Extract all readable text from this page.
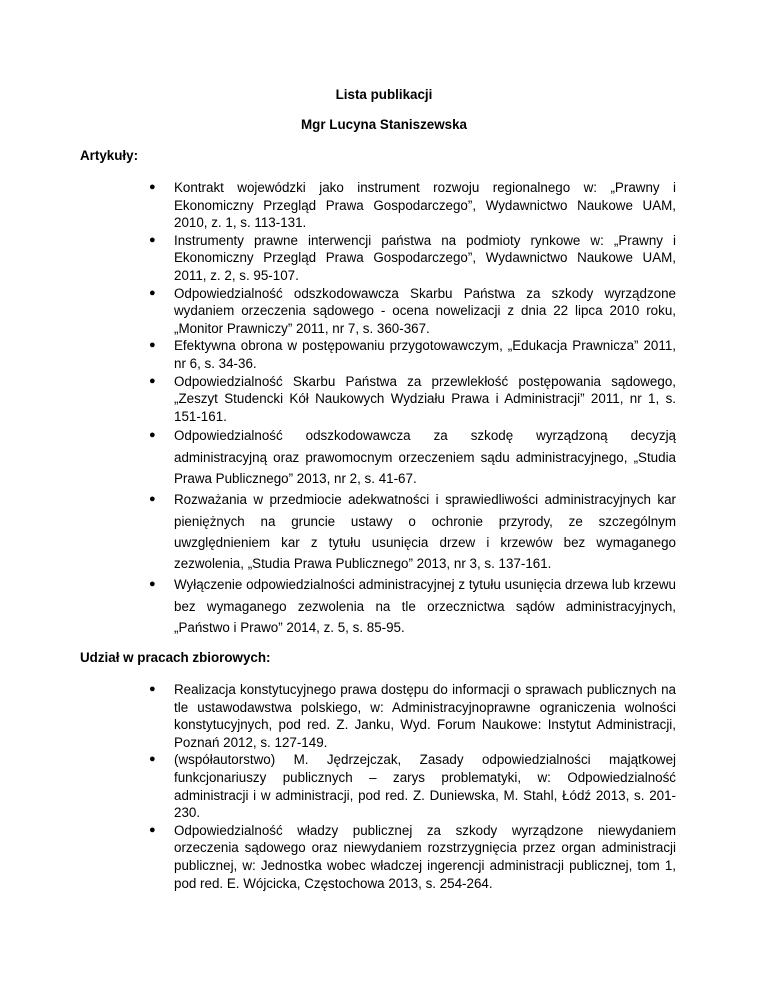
Lista publikacji
Mgr Lucyna Staniszewska
Artykuły:
● Kontrakt wojewódzki jako instrument rozwoju regionalnego w: „Prawny i Ekonomiczny Przegląd Prawa Gospodarczego”, Wydawnictwo Naukowe UAM, 2010, z. 1, s. 113-131.
● Instrumenty prawne interwencji państwa na podmioty rynkowe w: „Prawny i Ekonomiczny Przegląd Prawa Gospodarczego”, Wydawnictwo Naukowe UAM, 2011, z. 2, s. 95-107.
● Odpowiedzialność odszkodowawcza Skarbu Państwa za szkody wyrządzone wydaniem orzeczenia sądowego - ocena nowelizacji z dnia 22 lipca 2010 roku, „Monitor Prawniczy” 2011, nr 7, s. 360-367.
● Efektywna obrona w postępowaniu przygotowawczym, „Edukacja Prawnicza” 2011, nr 6, s. 34-36.
● Odpowiedzialność Skarbu Państwa za przewlekłość postępowania sądowego, „Zeszyt Studencki Kół Naukowych Wydziału Prawa i Administracji” 2011, nr 1, s. 151-161.
● Odpowiedzialność odszkodowawcza za szkodę wyrządzoną decyzją administracyjną oraz prawomocnym orzeczeniem sądu administracyjnego, „Studia Prawa Publicznego” 2013, nr 2, s. 41-67.
● Rozważania w przedmiocie adekwatności i sprawiedliwości administracyjnych kar pieniężnych na gruncie ustawy o ochronie przyrody, ze szczególnym uwzględnieniem kar z tytułu usunięcia drzew i krzewów bez wymaganego zezwolenia, „Studia Prawa Publicznego” 2013, nr 3, s. 137-161.
● Wyłączenie odpowiedzialności administracyjnej z tytułu usunięcia drzewa lub krzewu bez wymaganego zezwolenia na tle orzecznictwa sądów administracyjnych, „Państwo i Prawo” 2014, z. 5, s. 85-95.
Udział w pracach zbiorowych:
● Realizacja konstytucyjnego prawa dostępu do informacji o sprawach publicznych na tle ustawodawstwa polskiego, w: Administracyjnoprawne ograniczenia wolności konstytucyjnych, pod red. Z. Janku, Wyd. Forum Naukowe: Instytut Administracji, Poznań 2012, s. 127-149.
● (współautorstwo) M. Jędrzejczak, Zasady odpowiedzialności majątkowej funkcjonariuszy publicznych – zarys problematyki, w: Odpowiedzialność administracji i w administracji, pod red. Z. Duniewska, M. Stahl, Łódź 2013, s. 201-230.
● Odpowiedzialność władzy publicznej za szkody wyrządzone niewydaniem orzeczenia sądowego oraz niewydaniem rozstrzygnięcia przez organ administracji publicznej, w: Jednostka wobec władczej ingerencji administracji publicznej, tom 1, pod red. E. Wójcicka, Częstochowa 2013, s. 254-264.
